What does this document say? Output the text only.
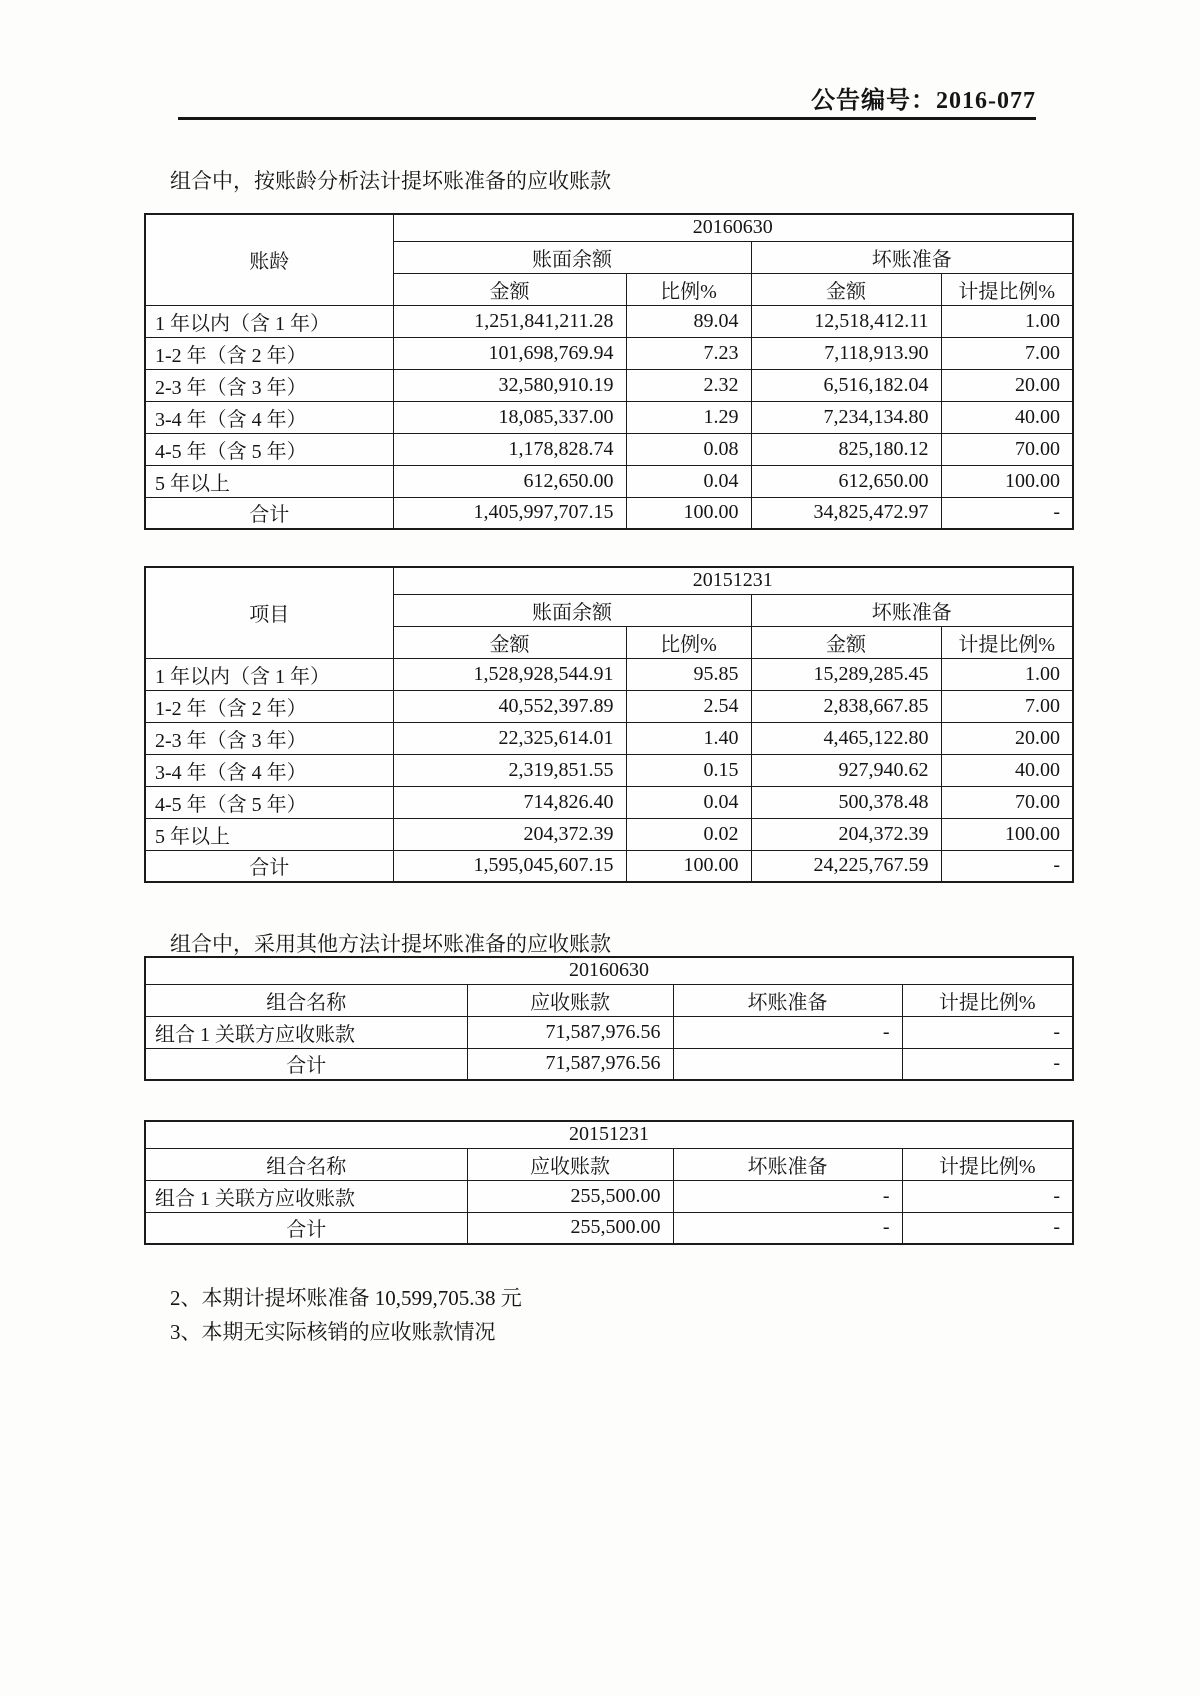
公告编号：2016-077
组合中，按账龄分析法计提坏账准备的应收账款
账龄	20160630			
	账面余额		坏账准备	
	金额	比例%	金额	计提比例%
1 年以内（含 1 年）	1,251,841,211.28	89.04	12,518,412.11	1.00
1-2 年（含 2 年）	101,698,769.94	7.23	7,118,913.90	7.00
2-3 年（含 3 年）	32,580,910.19	2.32	6,516,182.04	20.00
3-4 年（含 4 年）	18,085,337.00	1.29	7,234,134.80	40.00
4-5 年（含 5 年）	1,178,828.74	0.08	825,180.12	70.00
5 年以上	612,650.00	0.04	612,650.00	100.00
合计	1,405,997,707.15	100.00	34,825,472.97	-
项目	20151231			
	账面余额		坏账准备	
	金额	比例%	金额	计提比例%
1 年以内（含 1 年）	1,528,928,544.91	95.85	15,289,285.45	1.00
1-2 年（含 2 年）	40,552,397.89	2.54	2,838,667.85	7.00
2-3 年（含 3 年）	22,325,614.01	1.40	4,465,122.80	20.00
3-4 年（含 4 年）	2,319,851.55	0.15	927,940.62	40.00
4-5 年（含 5 年）	714,826.40	0.04	500,378.48	70.00
5 年以上	204,372.39	0.02	204,372.39	100.00
合计	1,595,045,607.15	100.00	24,225,767.59	-
组合中，采用其他方法计提坏账准备的应收账款
20160630			
组合名称	应收账款	坏账准备	计提比例%
组合 1 关联方应收账款	71,587,976.56	-	-
合计	71,587,976.56		-
20151231			
组合名称	应收账款	坏账准备	计提比例%
组合 1 关联方应收账款	255,500.00	-	-
合计	255,500.00	-	-
2、本期计提坏账准备 10,599,705.38 元
3、本期无实际核销的应收账款情况
